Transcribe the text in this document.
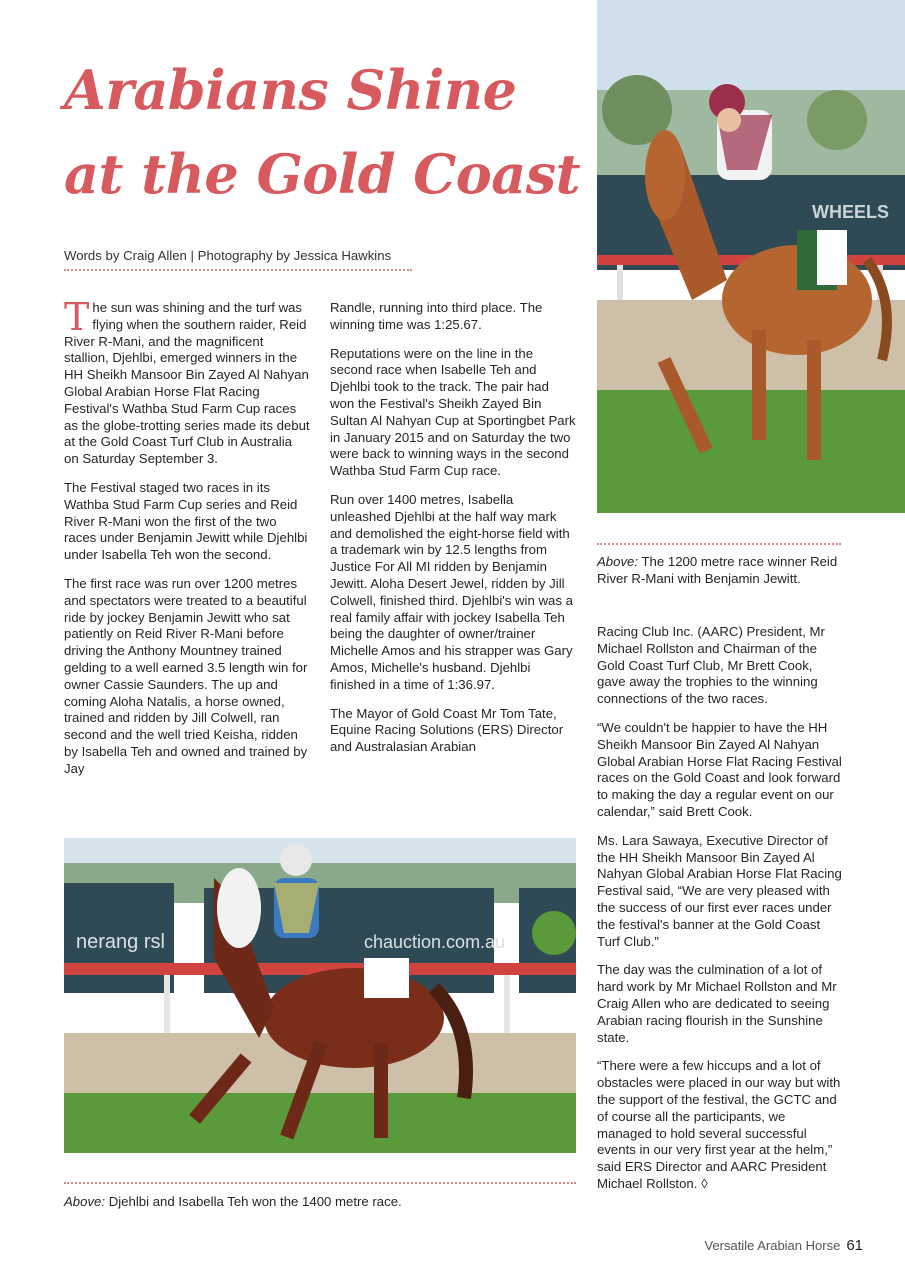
Arabians Shine
at the Gold Coast
Words by Craig Allen | Photography by Jessica Hawkins

The sun was shining and the turf was flying when the southern raider, Reid River R-Mani, and the magnificent stallion, Djehlbi, emerged winners in the HH Sheikh Mansoor Bin Zayed Al Nahyan Global Arabian Horse Flat Racing Festival's Wathba Stud Farm Cup races as the globe-trotting series made its debut at the Gold Coast Turf Club in Australia on Saturday September 3.

The Festival staged two races in its Wathba Stud Farm Cup series and Reid River R-Mani won the first of the two races under Benjamin Jewitt while Djehlbi under Isabella Teh won the second.

The first race was run over 1200 metres and spectators were treated to a beautiful ride by jockey Benjamin Jewitt who sat patiently on Reid River R-Mani before driving the Anthony Mountney trained gelding to a well earned 3.5 length win for owner Cassie Saunders. The up and coming Aloha Natalis, a horse owned, trained and ridden by Jill Colwell, ran second and the well tried Keisha, ridden by Isabella Teh and owned and trained by Jay

Randle, running into third place. The winning time was 1:25.67.

Reputations were on the line in the second race when Isabelle Teh and Djehlbi took to the track. The pair had won the Festival's Sheikh Zayed Bin Sultan Al Nahyan Cup at Sportingbet Park in January 2015 and on Saturday the two were back to winning ways in the second Wathba Stud Farm Cup race.

Run over 1400 metres, Isabella unleashed Djehlbi at the half way mark and demolished the eight-horse field with a trademark win by 12.5 lengths from Justice For All MI ridden by Benjamin Jewitt. Aloha Desert Jewel, ridden by Jill Colwell, finished third. Djehlbi's win was a real family affair with jockey Isabella Teh being the daughter of owner/trainer Michelle Amos and his strapper was Gary Amos, Michelle's husband. Djehlbi finished in a time of 1:36.97.

The Mayor of Gold Coast Mr Tom Tate, Equine Racing Solutions (ERS) Director and Australasian Arabian

WHEELS
Above: The 1200 metre race winner Reid River R-Mani with Benjamin Jewitt.

Racing Club Inc. (AARC) President, Mr Michael Rollston and Chairman of the Gold Coast Turf Club, Mr Brett Cook, gave away the trophies to the winning connections of the two races.

“We couldn't be happier to have the HH Sheikh Mansoor Bin Zayed Al Nahyan Global Arabian Horse Flat Racing Festival races on the Gold Coast and look forward to making the day a regular event on our calendar,” said Brett Cook.

Ms. Lara Sawaya, Executive Director of the HH Sheikh Mansoor Bin Zayed Al Nahyan Global Arabian Horse Flat Racing Festival said, “We are very pleased with the success of our first ever races under the festival's banner at the Gold Coast Turf Club.”

The day was the culmination of a lot of hard work by Mr Michael Rollston and Mr Craig Allen who are dedicated to seeing Arabian racing flourish in the Sunshine state.

“There were a few hiccups and a lot of obstacles were placed in our way but with the support of the festival, the GCTC and of course all the participants, we managed to hold several successful events in our very first year at the helm,” said ERS Director and AARC President Michael Rollston. ◊

nerang rsl	chauction.com.au
Above: Djehlbi and Isabella Teh won the 1400 metre race.
Versatile Arabian Horse 61
